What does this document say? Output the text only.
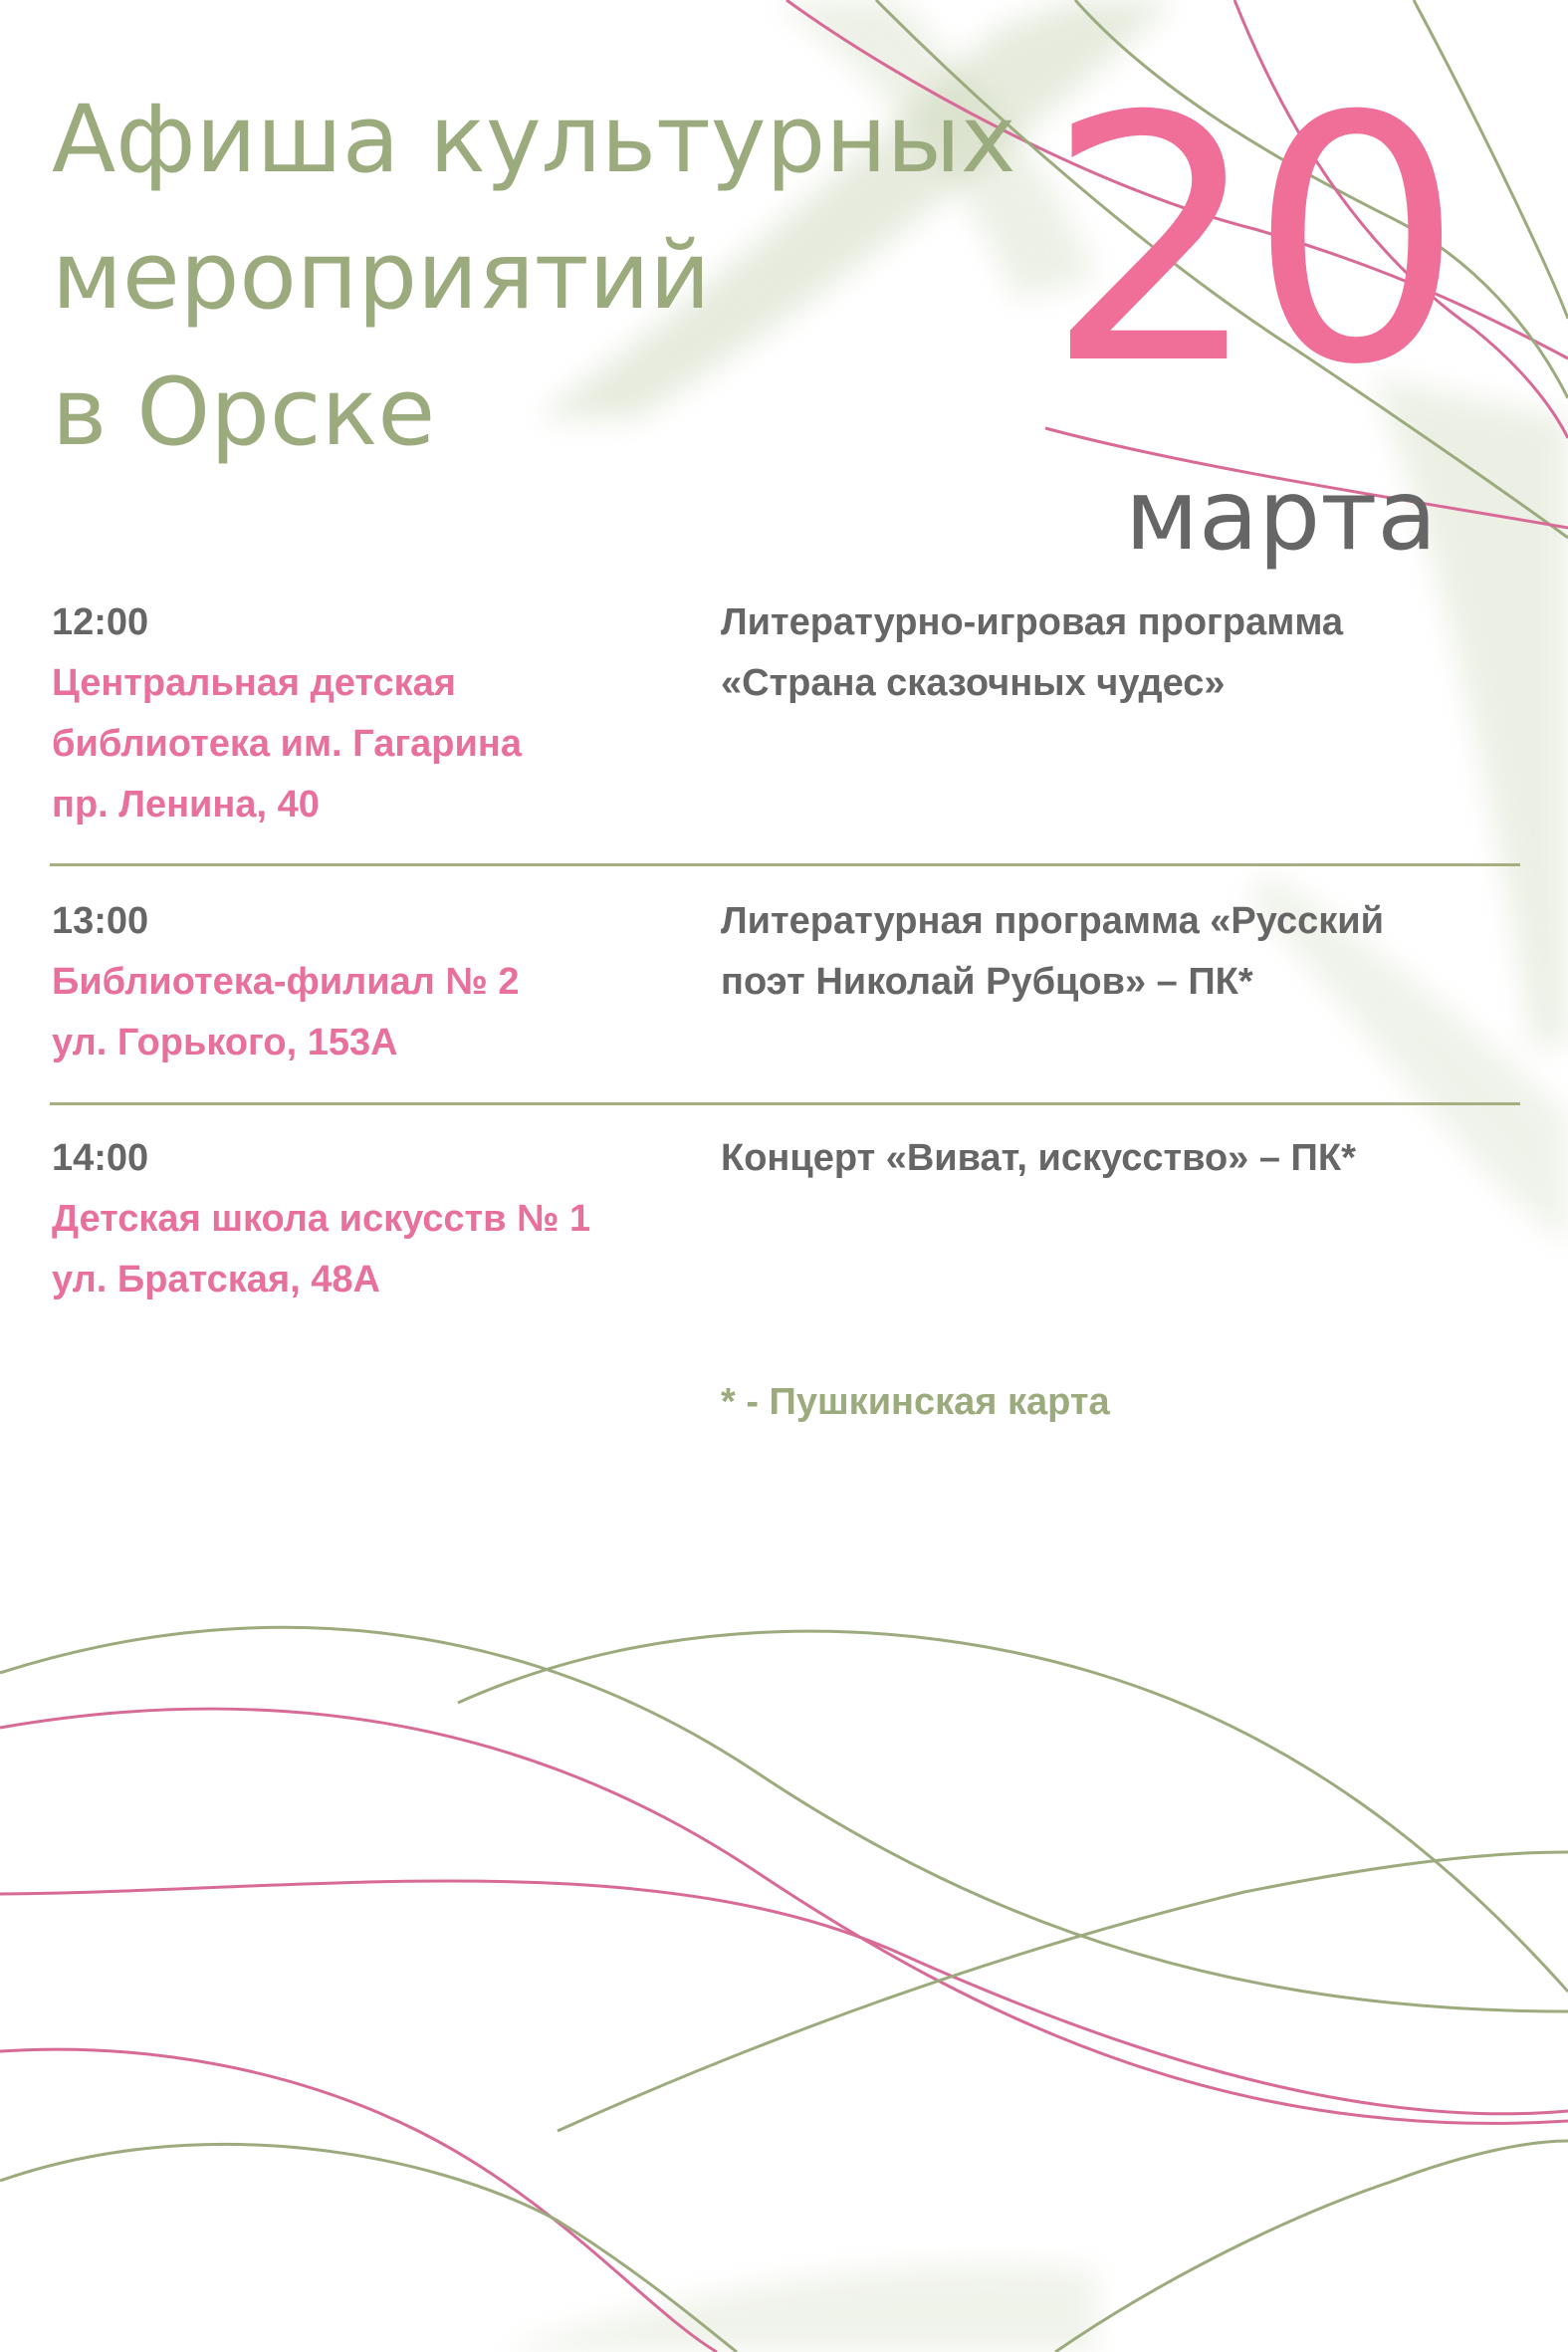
Афиша культурных
мероприятий
в Орске	20
марта
12:00
Центральная детская
библиотека им. Гагарина
пр. Ленина, 40
Литературно-игровая программа
«Страна сказочных чудес»
13:00
Библиотека-филиал № 2
ул. Горького, 153А
Литературная программа «Русский
поэт Николай Рубцов» – ПК*
14:00
Детская школа искусств № 1
ул. Братская, 48А
Концерт «Виват, искусство» – ПК*
* - Пушкинская карта
